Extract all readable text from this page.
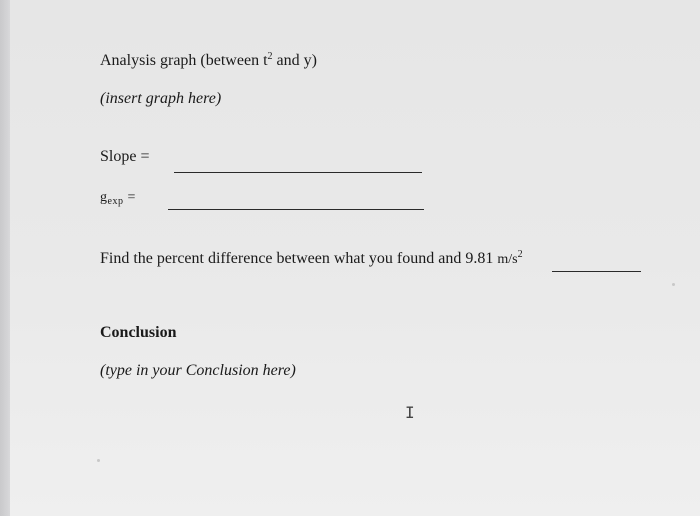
Analysis graph (between $t^2$ and y)
(insert graph here)
Slope =
$g_{exp}$ =
Find the percent difference between what you found and 9.81 $m/s^2$
Conclusion
(type in your Conclusion here)
I
